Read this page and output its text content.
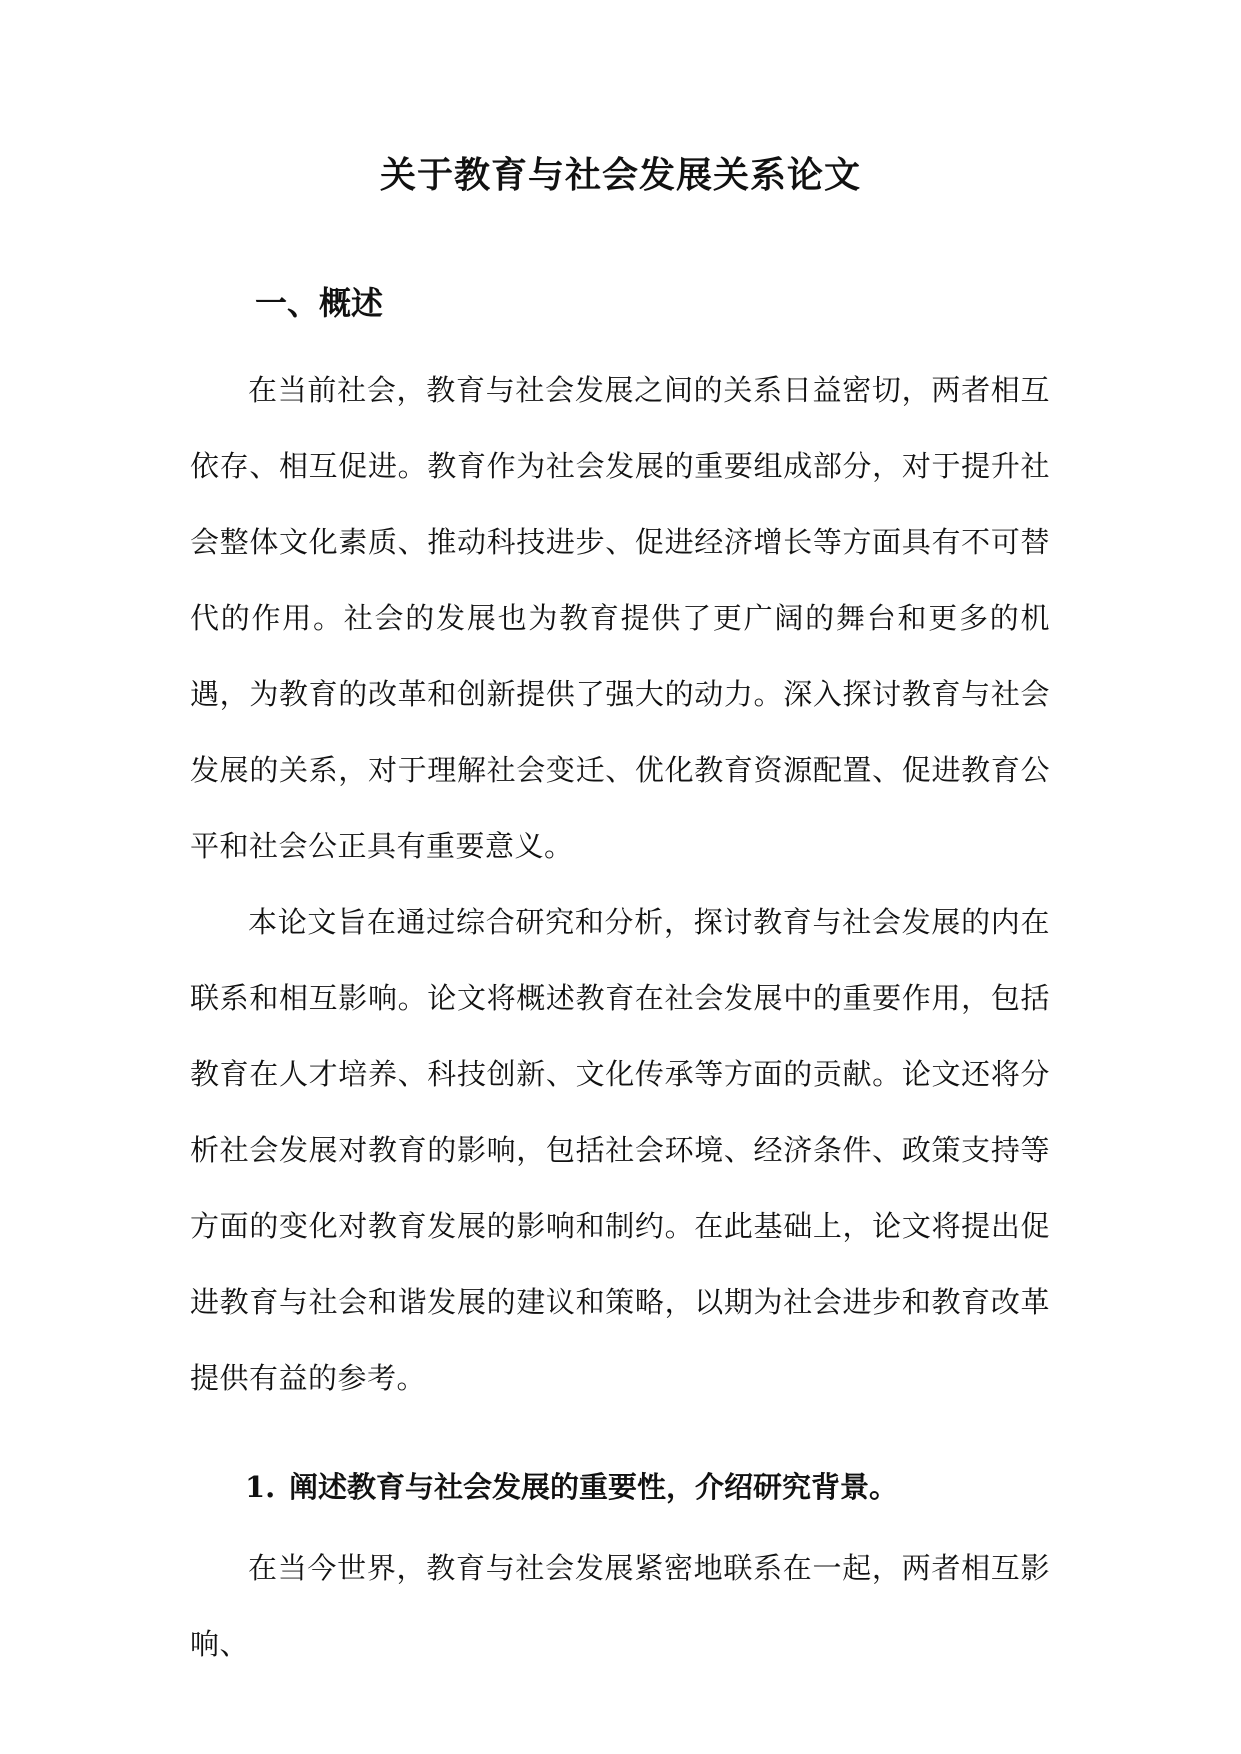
关于教育与社会发展关系论文
一、概述

在当前社会，教育与社会发展之间的关系日益密切，两者相互依存、相互促进。教育作为社会发展的重要组成部分，对于提升社会整体文化素质、推动科技进步、促进经济增长等方面具有不可替代的作用。社会的发展也为教育提供了更广阔的舞台和更多的机遇，为教育的改革和创新提供了强大的动力。深入探讨教育与社会发展的关系，对于理解社会变迁、优化教育资源配置、促进教育公平和社会公正具有重要意义。

本论文旨在通过综合研究和分析，探讨教育与社会发展的内在联系和相互影响。论文将概述教育在社会发展中的重要作用，包括教育在人才培养、科技创新、文化传承等方面的贡献。论文还将分析社会发展对教育的影响，包括社会环境、经济条件、政策支持等方面的变化对教育发展的影响和制约。在此基础上，论文将提出促进教育与社会和谐发展的建议和策略，以期为社会进步和教育改革提供有益的参考。

1. 阐述教育与社会发展的重要性，介绍研究背景。

在当今世界，教育与社会发展紧密地联系在一起，两者相互影响、
